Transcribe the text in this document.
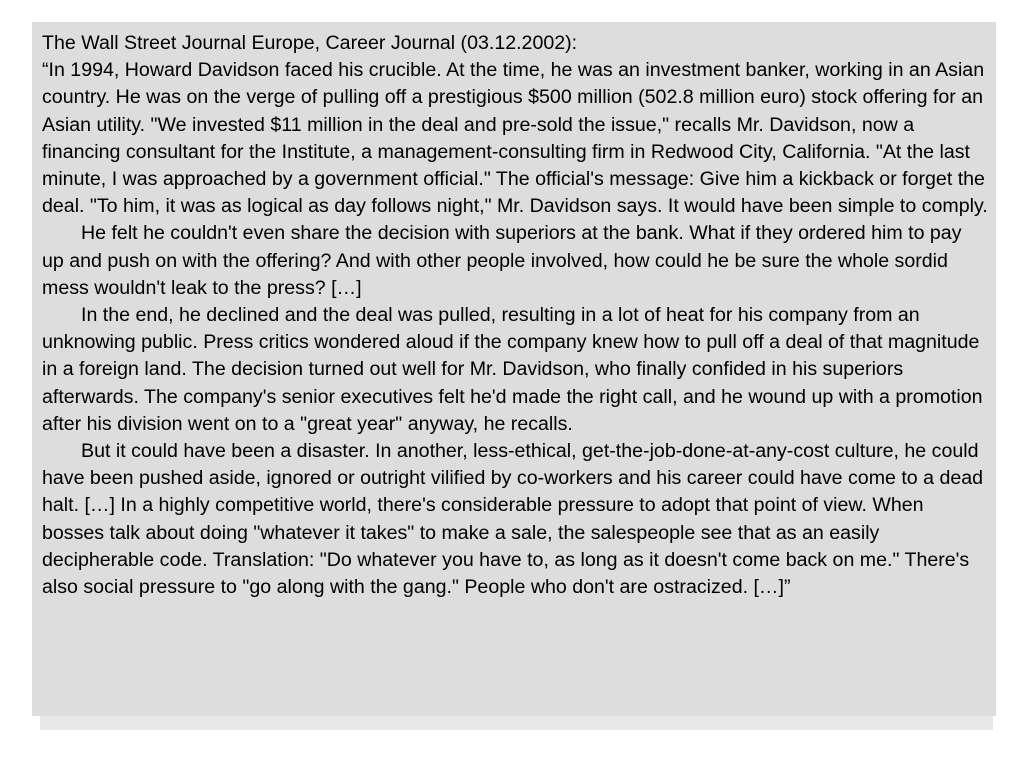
The Wall Street Journal Europe, Career Journal (03.12.2002):
“In 1994, Howard Davidson faced his crucible. At the time, he was an investment banker, working in an Asian country. He was on the verge of pulling off a prestigious $500 million (502.8 million euro) stock offering for an Asian utility. "We invested $11 million in the deal and pre-sold the issue," recalls Mr. Davidson, now a financing consultant for the Institute, a management-consulting firm in Redwood City, California. "At the last minute, I was approached by a government official." The official's message: Give him a kickback or forget the deal. "To him, it was as logical as day follows night," Mr. Davidson says. It would have been simple to comply.
He felt he couldn't even share the decision with superiors at the bank. What if they ordered him to pay up and push on with the offering? And with other people involved, how could he be sure the whole sordid mess wouldn't leak to the press? […]
In the end, he declined and the deal was pulled, resulting in a lot of heat for his company from an unknowing public. Press critics wondered aloud if the company knew how to pull off a deal of that magnitude in a foreign land. The decision turned out well for Mr. Davidson, who finally confided in his superiors afterwards. The company's senior executives felt he'd made the right call, and he wound up with a promotion after his division went on to a "great year" anyway, he recalls.
But it could have been a disaster. In another, less-ethical, get-the-job-done-at-any-cost culture, he could have been pushed aside, ignored or outright vilified by co-workers and his career could have come to a dead halt. […] In a highly competitive world, there's considerable pressure to adopt that point of view. When bosses talk about doing "whatever it takes" to make a sale, the salespeople see that as an easily decipherable code. Translation: "Do whatever you have to, as long as it doesn't come back on me." There's also social pressure to "go along with the gang." People who don't are ostracized. […]”
